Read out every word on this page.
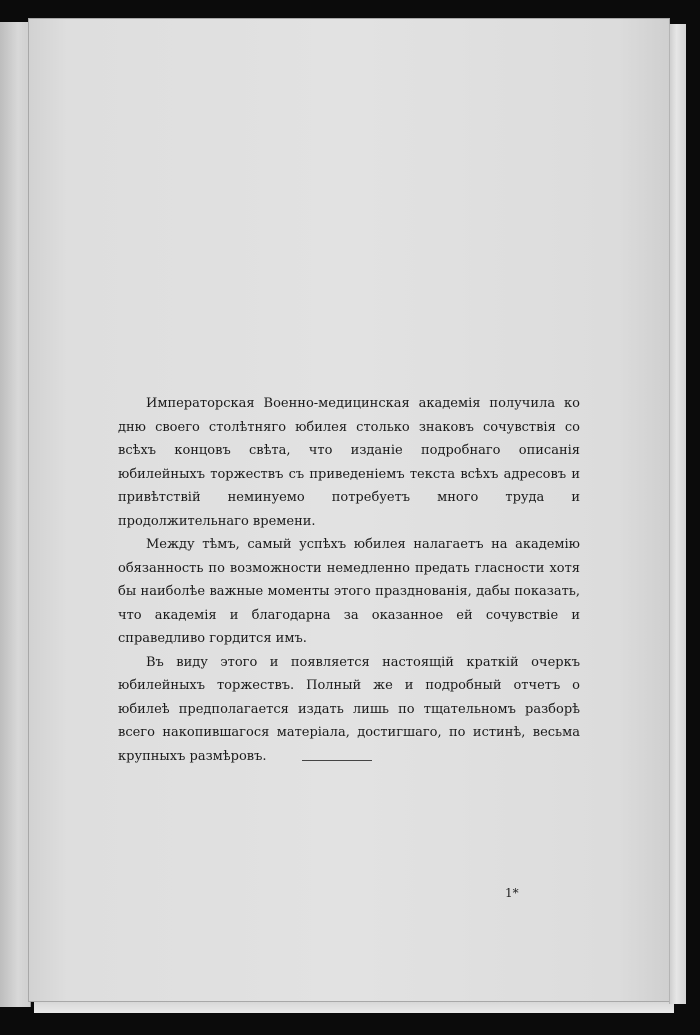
Императорская Военно-медицинская академія получила ко дню своего столѣтняго юбилея столько знаковъ сочувствія со всѣхъ концовъ свѣта, что изданіе подробнаго описанія юбилейныхъ торжествъ съ приведеніемъ текста всѣхъ адресовъ и привѣтствій неминуемо потребуетъ много труда и продолжительнаго времени.

Между тѣмъ, самый успѣхъ юбилея налагаетъ на академію обязанность по возможности немедленно предать гласности хотя бы наиболѣе важные моменты этого празднованія, дабы показать, что академія и благодарна за оказанное ей сочувствіе и справедливо гордится имъ.

Въ виду этого и появляется настоящій краткій очеркъ юбилейныхъ торжествъ. Полный же и подробный отчетъ о юбилеѣ предполагается издать лишь по тщательномъ разборѣ всего накопившагося матеріала, достигшаго, по истинѣ, весьма крупныхъ размѣровъ.

1*
